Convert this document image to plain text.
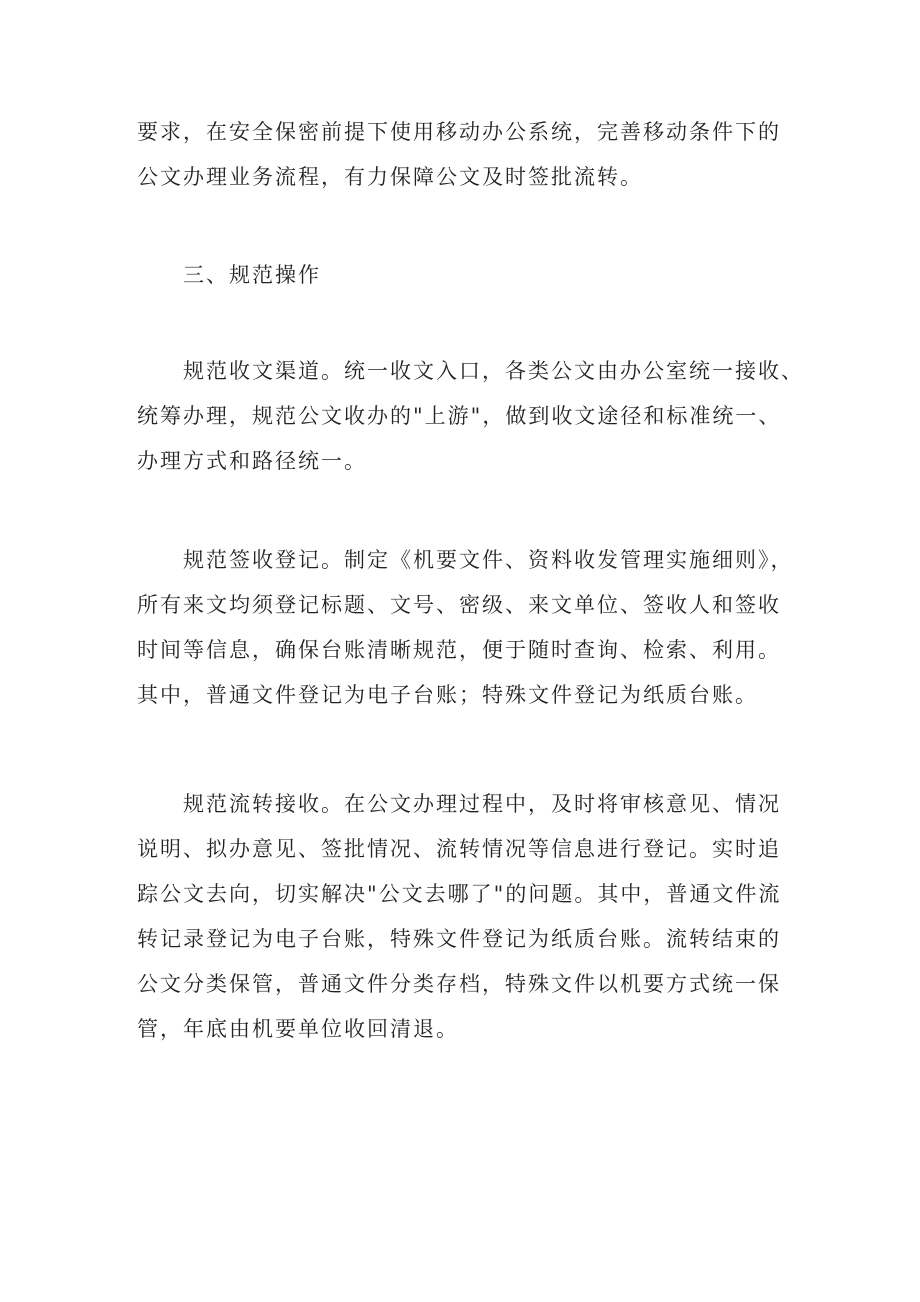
要求，在安全保密前提下使用移动办公系统，完善移动条件下的
公文办理业务流程，有力保障公文及时签批流转。

三、规范操作

规范收文渠道。统一收文入口，各类公文由办公室统一接收、
统筹办理，规范公文收办的"上游"，做到收文途径和标准统一、
办理方式和路径统一。

规范签收登记。制定《机要文件、资料收发管理实施细则》，
所有来文均须登记标题、文号、密级、来文单位、签收人和签收
时间等信息，确保台账清晰规范，便于随时查询、检索、利用。
其中，普通文件登记为电子台账；特殊文件登记为纸质台账。

规范流转接收。在公文办理过程中，及时将审核意见、情况
说明、拟办意见、签批情况、流转情况等信息进行登记。实时追
踪公文去向，切实解决"公文去哪了"的问题。其中，普通文件流
转记录登记为电子台账，特殊文件登记为纸质台账。流转结束的
公文分类保管，普通文件分类存档，特殊文件以机要方式统一保
管，年底由机要单位收回清退。
